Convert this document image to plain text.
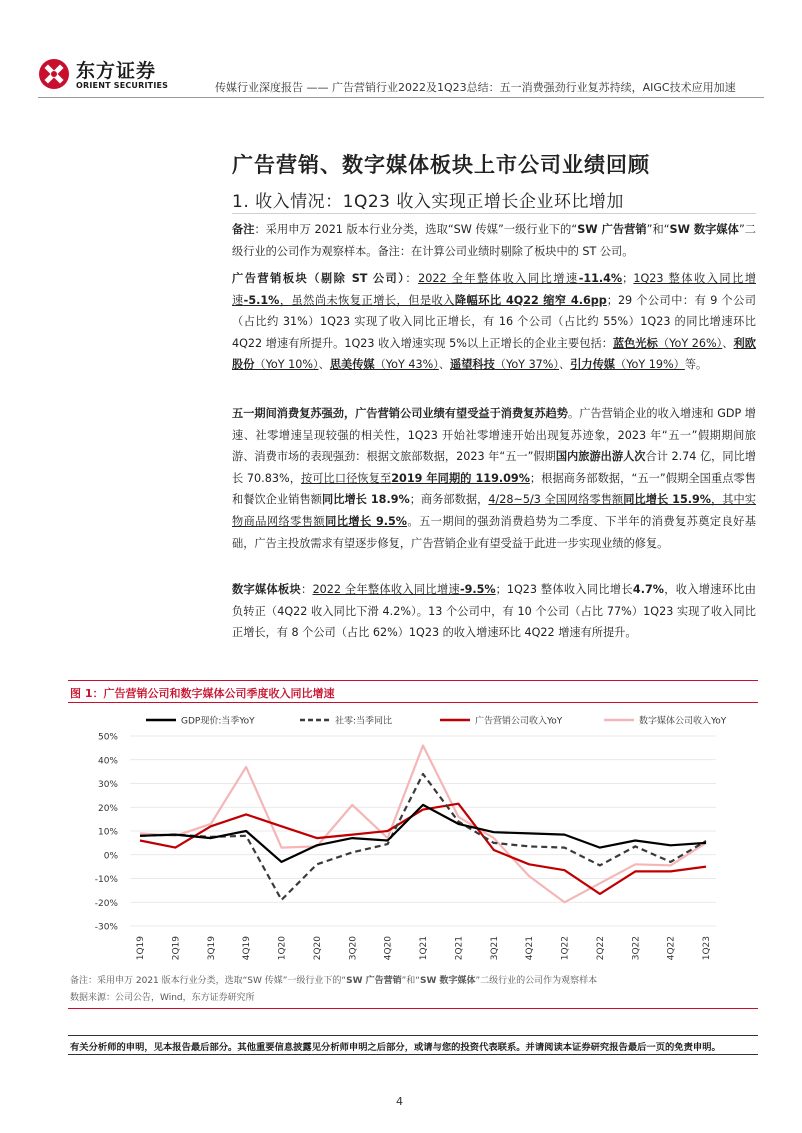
东方证券
ORIENT SECURITIES	传媒行业深度报告 —— 广告营销行业2022及1Q23总结：五一消费强劲行业复苏持续，AIGC技术应用加速
广告营销、数字媒体板块上市公司业绩回顾
1. 收入情况：1Q23 收入实现正增长企业环比增加
备注：采用申万 2021 版本行业分类，选取“SW 传媒”一级行业下的“SW 广告营销”和“SW 数字媒体”二级行业的公司作为观察样本。备注：在计算公司业绩时剔除了板块中的 ST 公司。
广告营销板块（剔除 ST 公司）：2022 全年整体收入同比增速-11.4%；1Q23 整体收入同比增速-5.1%，虽然尚未恢复正增长，但是收入降幅环比 4Q22 缩窄 4.6pp；29 个公司中：有 9 个公司（占比约 31%）1Q23 实现了收入同比正增长，有 16 个公司（占比约 55%）1Q23 的同比增速环比 4Q22 增速有所提升。1Q23 收入增速实现 5%以上正增长的企业主要包括：蓝色光标（YoY 26%）、利欧股份（YoY 10%）、思美传媒（YoY 43%）、遥望科技（YoY 37%）、引力传媒（YoY 19%）等。
五一期间消费复苏强劲，广告营销公司业绩有望受益于消费复苏趋势。广告营销企业的收入增速和 GDP 增速、社零增速呈现较强的相关性，1Q23 开始社零增速开始出现复苏迹象，2023 年“五一”假期期间旅游、消费市场的表现强劲：根据文旅部数据，2023 年“五一”假期国内旅游出游人次合计 2.74 亿，同比增长 70.83%，按可比口径恢复至2019 年同期的 119.09%；根据商务部数据，“五一”假期全国重点零售和餐饮企业销售额同比增长 18.9%；商务部数据，4/28~5/3 全国网络零售额同比增长 15.9%，其中实物商品网络零售额同比增长 9.5%。五一期间的强劲消费趋势为二季度、下半年的消费复苏奠定良好基础，广告主投放需求有望逐步修复，广告营销企业有望受益于此进一步实现业绩的修复。
数字媒体板块：2022 全年整体收入同比增速-9.5%；1Q23 整体收入同比增长4.7%，收入增速环比由负转正（4Q22 收入同比下滑 4.2%）。13 个公司中，有 10 个公司（占比 77%）1Q23 实现了收入同比正增长，有 8 个公司（占比 62%）1Q23 的收入增速环比 4Q22 增速有所提升。
图 1：广告营销公司和数字媒体公司季度收入同比增速
GDP现价:当季YoY	社零:当季同比	广告营销公司收入YoY	数字媒体公司收入YoY
50%
40%
30%
20%
10%
0%
-10%
-20%
-30%
1Q19	2Q19	3Q19	4Q19	1Q20	2Q20	3Q20	4Q20	1Q21	2Q21	3Q21	4Q21	1Q22	2Q22	3Q22	4Q22	1Q23
备注：采用申万 2021 版本行业分类，选取“SW 传媒”一级行业下的“SW 广告营销”和“SW 数字媒体”二级行业的公司作为观察样本
数据来源：公司公告，Wind，东方证券研究所
有关分析师的申明，见本报告最后部分。其他重要信息披露见分析师申明之后部分，或请与您的投资代表联系。并请阅读本证券研究报告最后一页的免责申明。
4
